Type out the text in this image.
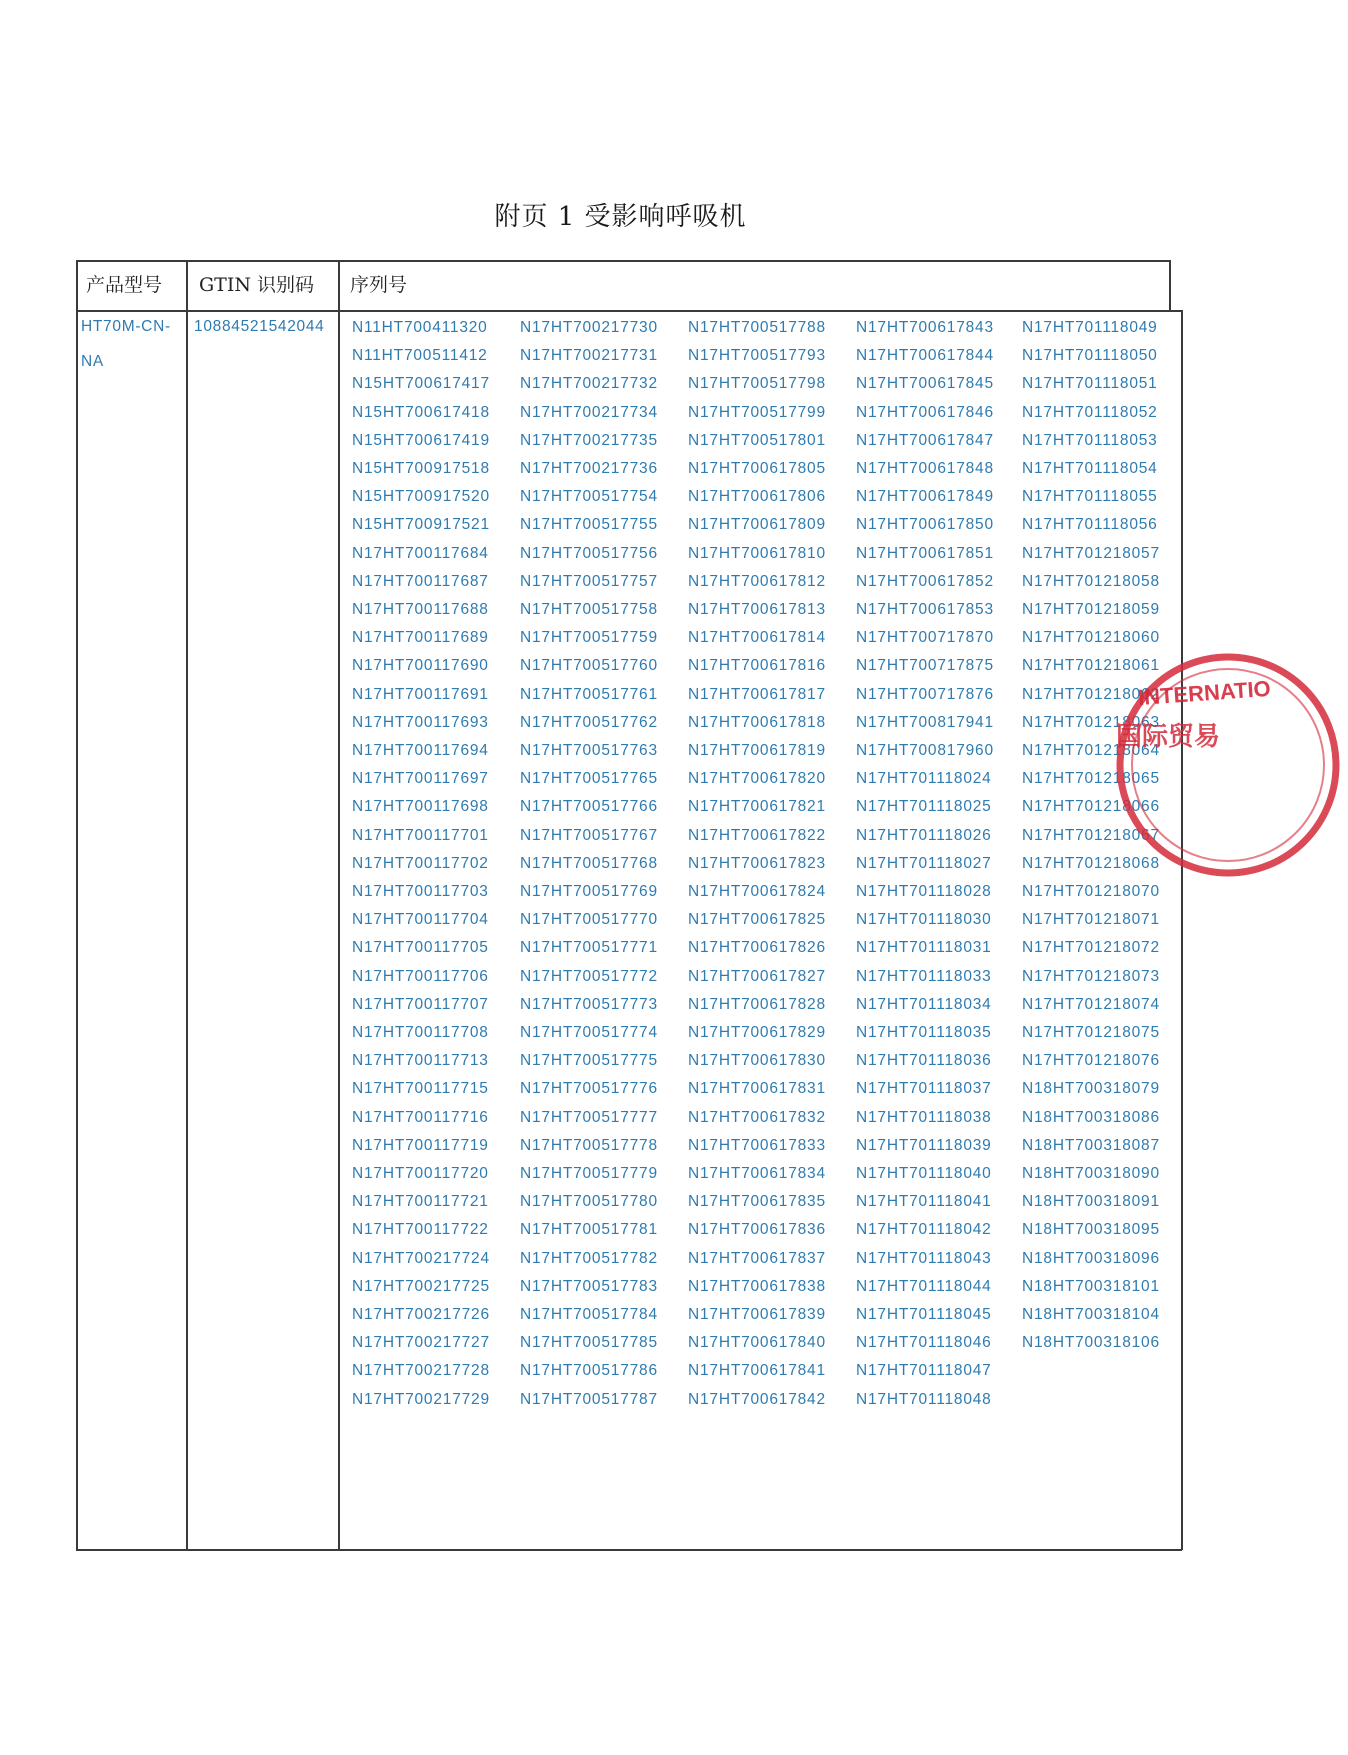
附页 1 受影响呼吸机
产品型号 GTIN 识别码 序列号
HT70M-CN-
NA
10884521542044 N11HT700411320
N11HT700511412
N15HT700617417
N15HT700617418
N15HT700617419
N15HT700917518
N15HT700917520
N15HT700917521
N17HT700117684
N17HT700117687
N17HT700117688
N17HT700117689
N17HT700117690
N17HT700117691
N17HT700117693
N17HT700117694
N17HT700117697
N17HT700117698
N17HT700117701
N17HT700117702
N17HT700117703
N17HT700117704
N17HT700117705
N17HT700117706
N17HT700117707
N17HT700117708
N17HT700117713
N17HT700117715
N17HT700117716
N17HT700117719
N17HT700117720
N17HT700117721
N17HT700117722
N17HT700217724
N17HT700217725
N17HT700217726
N17HT700217727
N17HT700217728
N17HT700217729
N17HT700217730
N17HT700217731
N17HT700217732
N17HT700217734
N17HT700217735
N17HT700217736
N17HT700517754
N17HT700517755
N17HT700517756
N17HT700517757
N17HT700517758
N17HT700517759
N17HT700517760
N17HT700517761
N17HT700517762
N17HT700517763
N17HT700517765
N17HT700517766
N17HT700517767
N17HT700517768
N17HT700517769
N17HT700517770
N17HT700517771
N17HT700517772
N17HT700517773
N17HT700517774
N17HT700517775
N17HT700517776
N17HT700517777
N17HT700517778
N17HT700517779
N17HT700517780
N17HT700517781
N17HT700517782
N17HT700517783
N17HT700517784
N17HT700517785
N17HT700517786
N17HT700517787
N17HT700517788
N17HT700517793
N17HT700517798
N17HT700517799
N17HT700517801
N17HT700617805
N17HT700617806
N17HT700617809
N17HT700617810
N17HT700617812
N17HT700617813
N17HT700617814
N17HT700617816
N17HT700617817
N17HT700617818
N17HT700617819
N17HT700617820
N17HT700617821
N17HT700617822
N17HT700617823
N17HT700617824
N17HT700617825
N17HT700617826
N17HT700617827
N17HT700617828
N17HT700617829
N17HT700617830
N17HT700617831
N17HT700617832
N17HT700617833
N17HT700617834
N17HT700617835
N17HT700617836
N17HT700617837
N17HT700617838
N17HT700617839
N17HT700617840
N17HT700617841
N17HT700617842
N17HT700617843
N17HT700617844
N17HT700617845
N17HT700617846
N17HT700617847
N17HT700617848
N17HT700617849
N17HT700617850
N17HT700617851
N17HT700617852
N17HT700617853
N17HT700717870
N17HT700717875
N17HT700717876
N17HT700817941
N17HT700817960
N17HT701118024
N17HT701118025
N17HT701118026
N17HT701118027
N17HT701118028
N17HT701118030
N17HT701118031
N17HT701118033
N17HT701118034
N17HT701118035
N17HT701118036
N17HT701118037
N17HT701118038
N17HT701118039
N17HT701118040
N17HT701118041
N17HT701118042
N17HT701118043
N17HT701118044
N17HT701118045
N17HT701118046
N17HT701118047
N17HT701118048
N17HT701118049
N17HT701118050
N17HT701118051
N17HT701118052
N17HT701118053
N17HT701118054
N17HT701118055
N17HT701118056
N17HT701218057
N17HT701218058
N17HT701218059
N17HT701218060
N17HT701218061
N17HT701218062
N17HT701218063
N17HT701218064
N17HT701218065
N17HT701218066
N17HT701218067
N17HT701218068
N17HT701218070
N17HT701218071
N17HT701218072
N17HT701218073
N17HT701218074
N17HT701218075
N17HT701218076
N18HT700318079
N18HT700318086
N18HT700318087
N18HT700318090
N18HT700318091
N18HT700318095
N18HT700318096
N18HT700318101
N18HT700318104
N18HT700318106
INTERNATIO
国际贸易
